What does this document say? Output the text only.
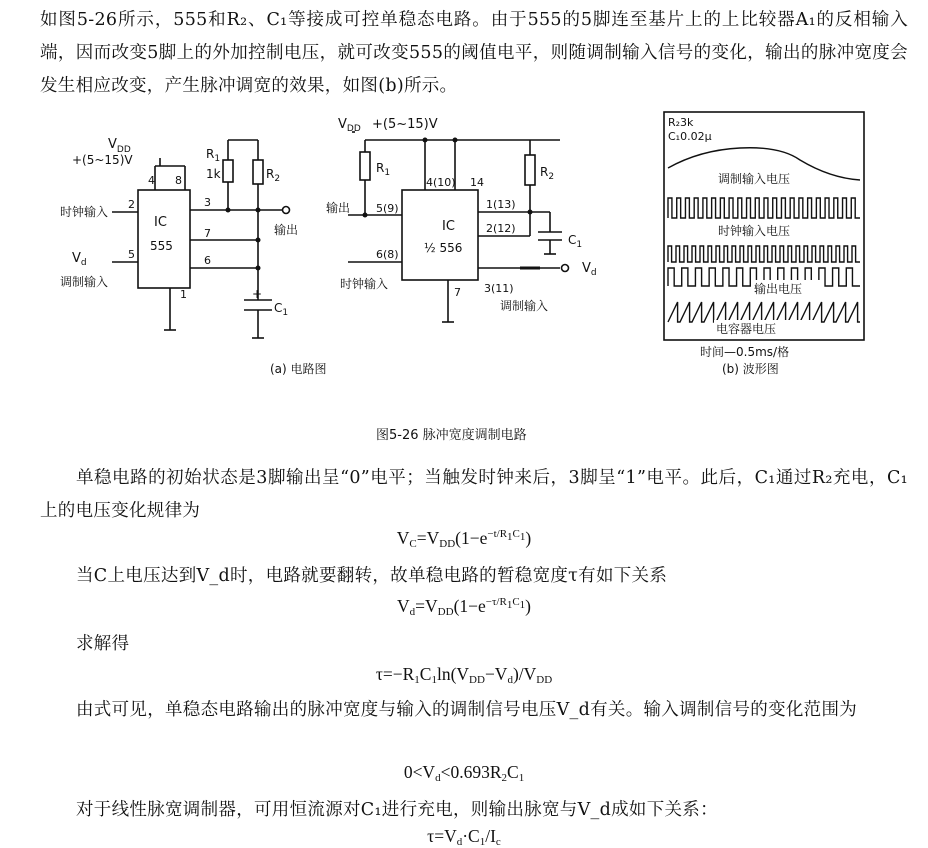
如图5-26所示，555和R₂、C₁等接成可控单稳态电路。由于555的5脚连至基片上的上比较器A₁的反相输入端，因而改变5脚上的外加控制电压，就可改变555的阈值电平，则随调制输入信号的变化，输出的脉冲宽度会发生相应改变，产生脉冲调宽的效果，如图(b)所示。
$V_{DD}$
+(5~15)V	$R_1$
1k	$R_2$
时钟输入
$V_d$
调制输入
IC
555
输出
$C_1$
4 8
2	3
7
6
5
1	+
$V_{DD}$ +(5~15)V
$R_1$	$R_2$
输出
时钟输入
调制输入
IC
½ 556
$C_1$
$V_d$
4(10) 14
1(13)
5(9)
2(12)
6(8)
3(11)
7
R₂3k
C₁0.02μ
调制输入电压
时钟输入电压
输出电压
电容器电压
时间—0.5ms/格
(b) 波形图
(a) 电路图
图5-26 脉冲宽度调制电路
单稳电路的初始状态是3脚输出呈“0”电平；当触发时钟来后，3脚呈“1”电平。此后，C₁通过R₂充电，C₁上的电压变化规律为
$V_C=V_{DD}(1-e^{-t/R_1C_1})$
当C上电压达到V_d时，电路就要翻转，故单稳电路的暂稳宽度τ有如下关系
$V_d=V_{DD}(1-e^{-\tau/R_1C_1})$
求解得
$\tau=-R_1C_1\ln(V_{DD}-V_d)/V_{DD}$
由式可见，单稳态电路输出的脉冲宽度与输入的调制信号电压V_d有关。输入调制信号的变化范围为
$0<V_d<0.693R_2C_1$
对于线性脉宽调制器，可用恒流源对C₁进行充电，则输出脉宽与V_d成如下关系：
$\tau=V_d\cdot C_1/I_c$
